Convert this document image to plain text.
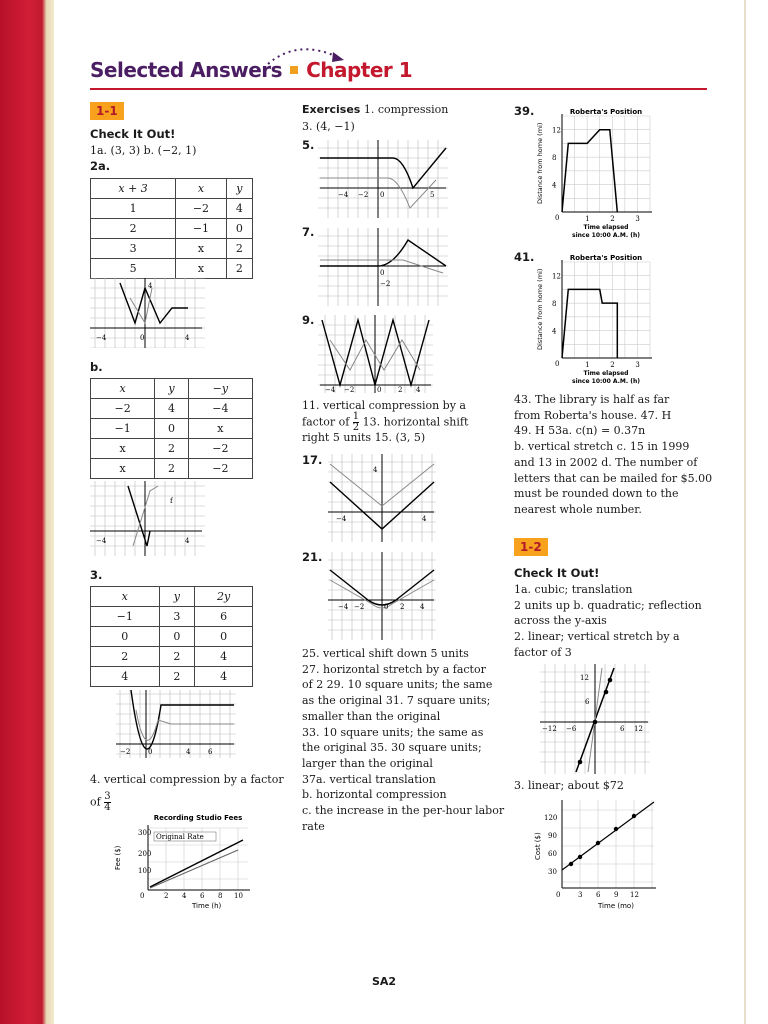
Selected Answers Chapter 1
1-1
Check It Out!
1a. (3, 3) b. (−2, 1)
2a.
x + 3	x	y
1	−2	4
2	−1	0
3	x	2
5	x	2
−4	0	4
4
b.
x	y	−y
−2	4	−4
−1	0	x
x	2	−2
x	2	−2
−4	4
f
3.
x	y	2y
−1	3	6
0	0	0
2	2	4
4	2	4
−2	0	4	6
4. vertical compression by a factor
of $\frac{3}{4}$
Recording Studio Fees
Original Rate
300
200
100
0	2 4 6 8 10
Time (h)
Fee ($)
Exercises 1. compression
3. (4, −1)
5.
−4 −2 0	5
7.
0
−2
9.
−4 −2	0 2 4
11. vertical compression by a
factor of $\frac{1}{2} 13$. horizontal shift
right 5 units 15. (3, 5)
17.
−4	4
4
21.
−4 −2	0 2 4
25. vertical shift down 5 units
27. horizontal stretch by a factor
of 2 29. 10 square units; the same
as the original 31. 7 square units;
smaller than the original
33. 10 square units; the same as
the original 35. 30 square units;
larger than the original
37a. vertical translation
b. horizontal compression
c. the increase in the per-hour labor
rate
39.	Roberta's Position
12
8
4
1	2	3
0
Time elapsed
since 10:00 A.M. (h)
Distance from home (mi)
41.	Roberta's Position
12
8
4
1	2	3
0
Time elapsed
since 10:00 A.M. (h)
Distance from home (mi)
43. The library is half as far
from Roberta's house. 47. H
49. H 53a. c(n) = 0.37n
b. vertical stretch c. 15 in 1999
and 13 in 2002 d. The number of
letters that can be mailed for $5.00
must be rounded down to the
nearest whole number.
1-2
Check It Out!
1a. cubic; translation
2 units up b. quadratic; reflection
across the y-axis
2. linear; vertical stretch by a
factor of 3
−12 −6	6 12
12
6
3. linear; about $72
120
90
60
30
0	3 6 9 12
Time (mo)
Cost ($)
SA2
